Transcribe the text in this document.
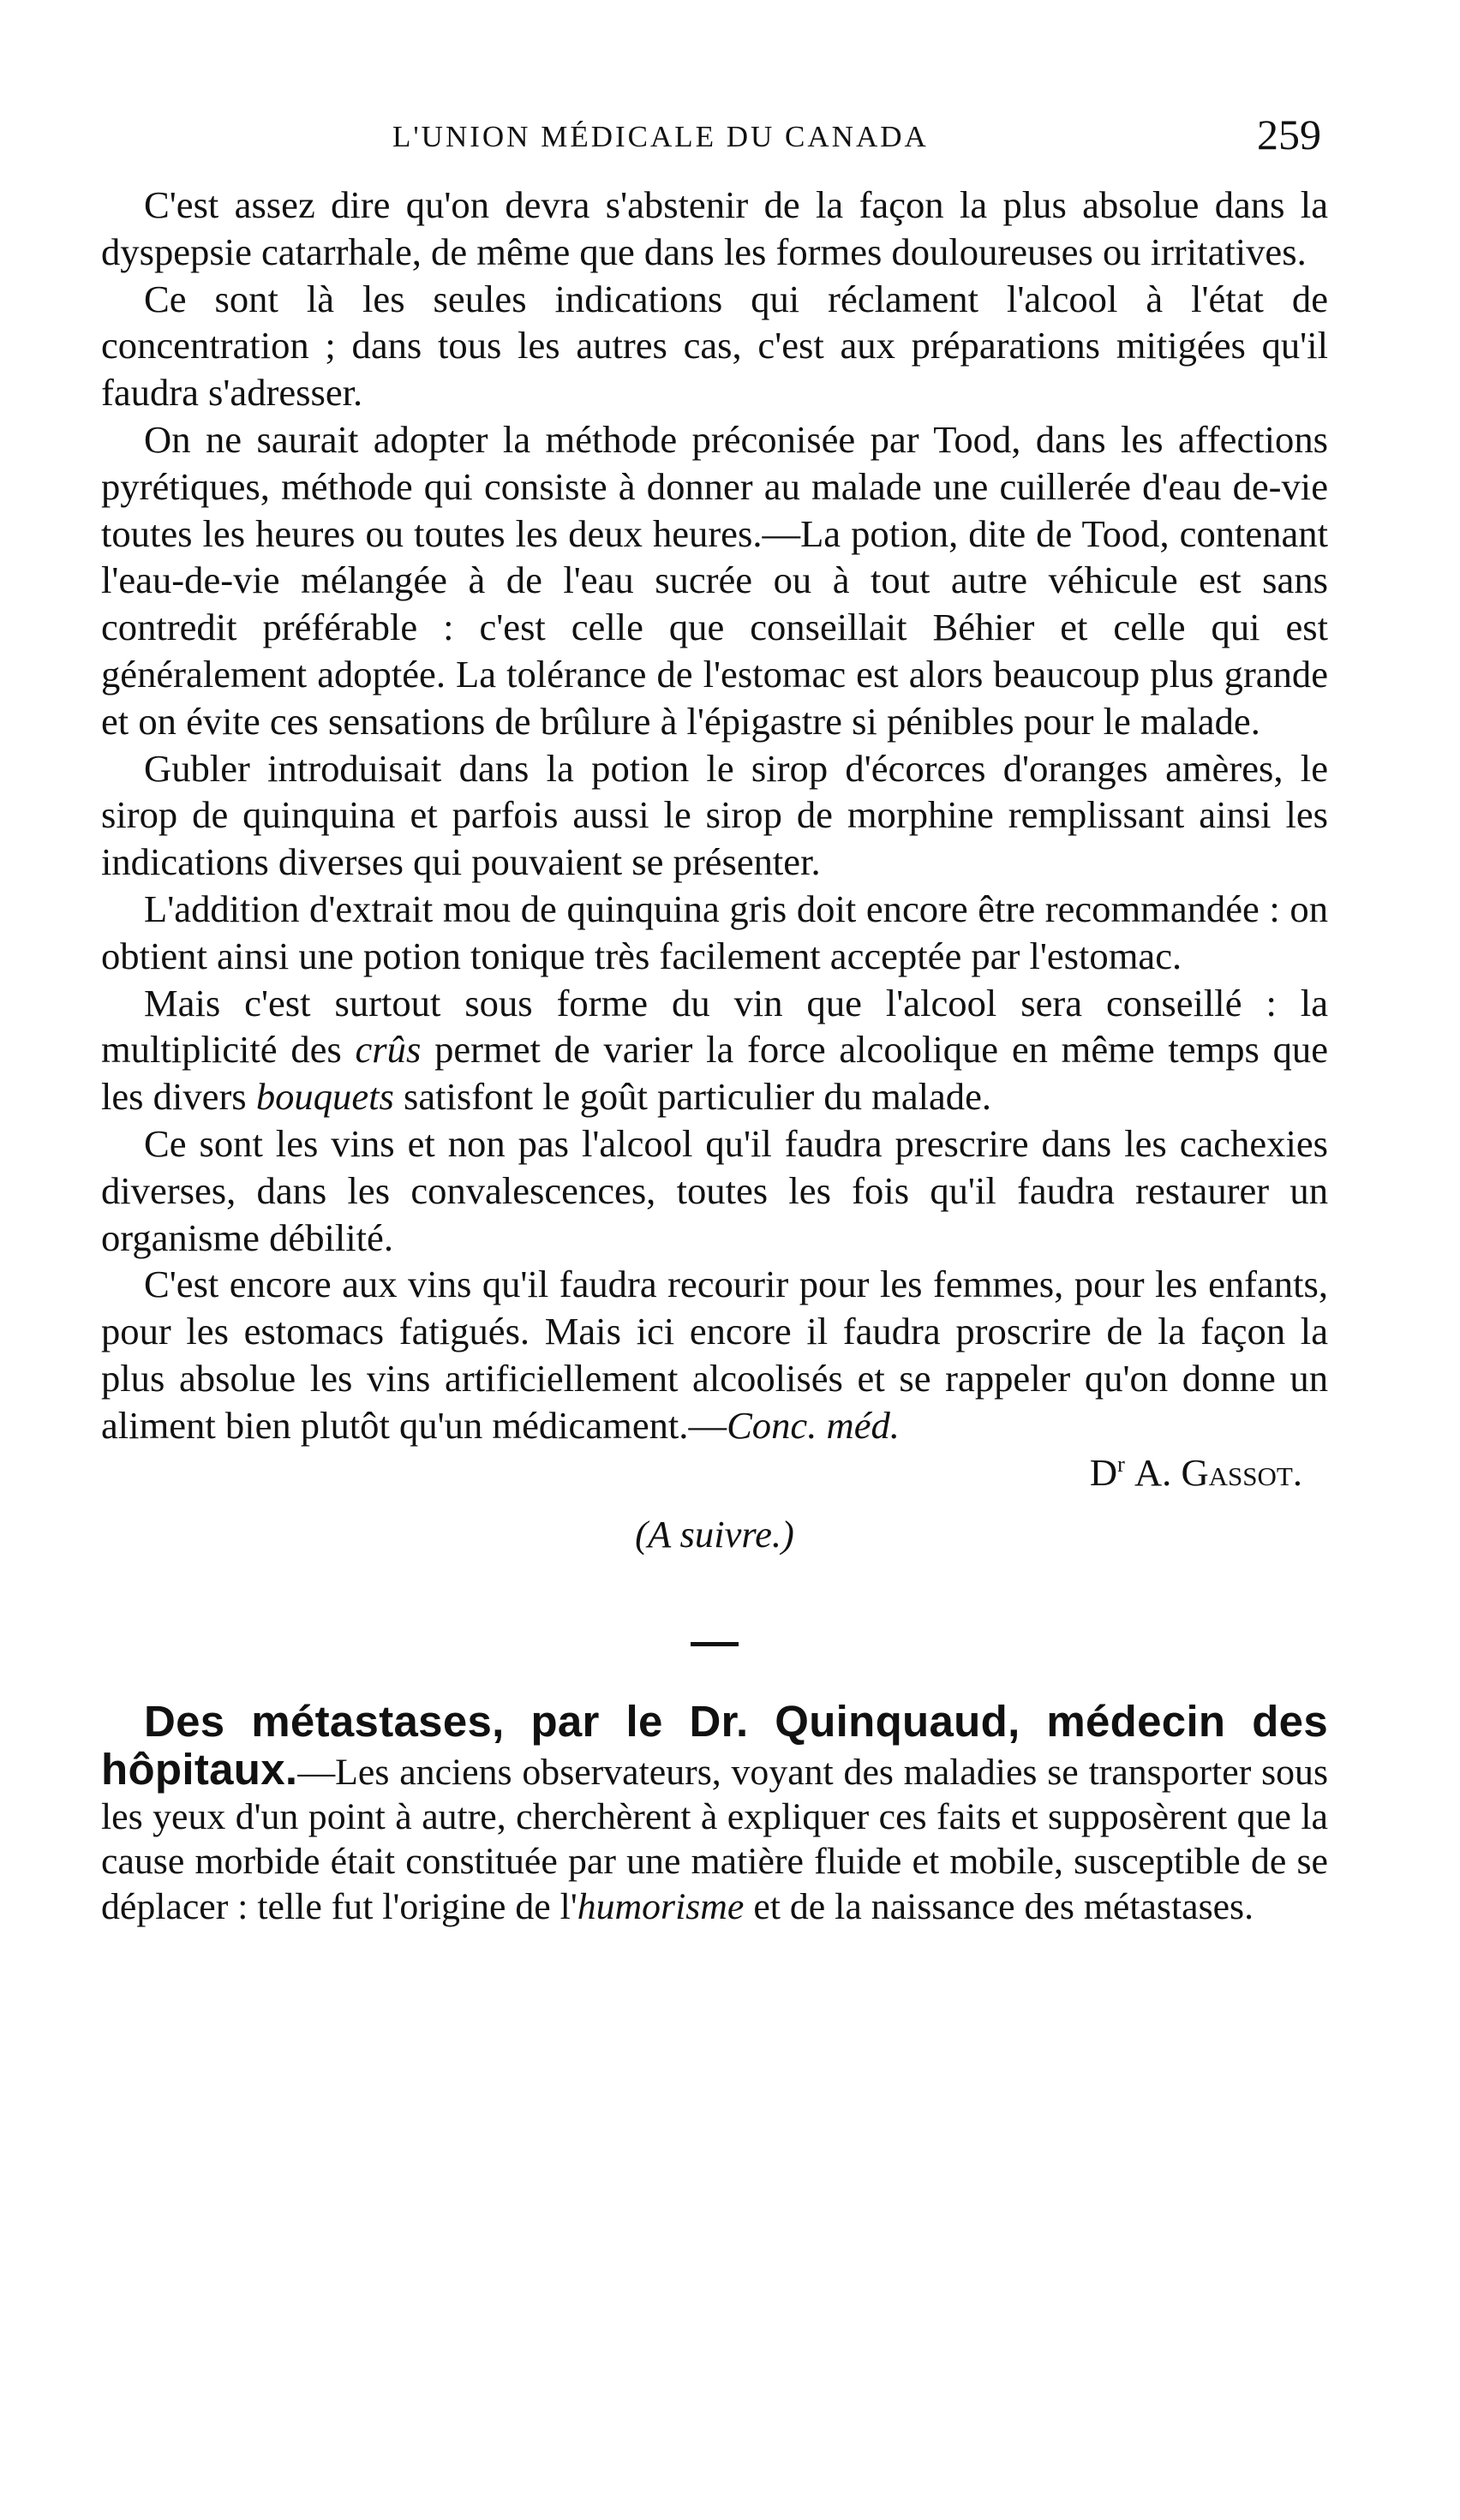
L'UNION MÉDICALE DU CANADA	259

C'est assez dire qu'on devra s'abstenir de la façon la plus absolue dans la dyspepsie catarrhale, de même que dans les formes douloureuses ou irritatives.

Ce sont là les seules indications qui réclament l'alcool à l'état de concentration ; dans tous les autres cas, c'est aux préparations mitigées qu'il faudra s'adresser.

On ne saurait adopter la méthode préconisée par Tood, dans les affections pyrétiques, méthode qui consiste à donner au malade une cuillerée d'eau de-vie toutes les heures ou toutes les deux heures.—La potion, dite de Tood, contenant l'eau-de-vie mélangée à de l'eau sucrée ou à tout autre véhicule est sans contredit préférable : c'est celle que conseillait Béhier et celle qui est généralement adoptée. La tolérance de l'estomac est alors beaucoup plus grande et on évite ces sensations de brûlure à l'épigastre si pénibles pour le malade.

Gubler introduisait dans la potion le sirop d'écorces d'oranges amères, le sirop de quinquina et parfois aussi le sirop de morphine remplissant ainsi les indications diverses qui pouvaient se présenter.

L'addition d'extrait mou de quinquina gris doit encore être recommandée : on obtient ainsi une potion tonique très facilement acceptée par l'estomac.

Mais c'est surtout sous forme du vin que l'alcool sera conseillé : la multiplicité des crûs permet de varier la force alcoolique en même temps que les divers bouquets satisfont le goût particulier du malade.

Ce sont les vins et non pas l'alcool qu'il faudra prescrire dans les cachexies diverses, dans les convalescences, toutes les fois qu'il faudra restaurer un organisme débilité.

C'est encore aux vins qu'il faudra recourir pour les femmes, pour les enfants, pour les estomacs fatigués. Mais ici encore il faudra proscrire de la façon la plus absolue les vins artificiellement alcoolisés et se rappeler qu'on donne un aliment bien plutôt qu'un médicament.—Conc. méd.

$D^r$ A. Gassot.

(A suivre.)

Des métastases, par le Dr. Quinquaud, médecin des hôpitaux.—Les anciens observateurs, voyant des maladies se transporter sous les yeux d'un point à autre, cherchèrent à expliquer ces faits et supposèrent que la cause morbide était constituée par une matière fluide et mobile, susceptible de se déplacer : telle fut l'origine de l'humorisme et de la naissance des métastases.
